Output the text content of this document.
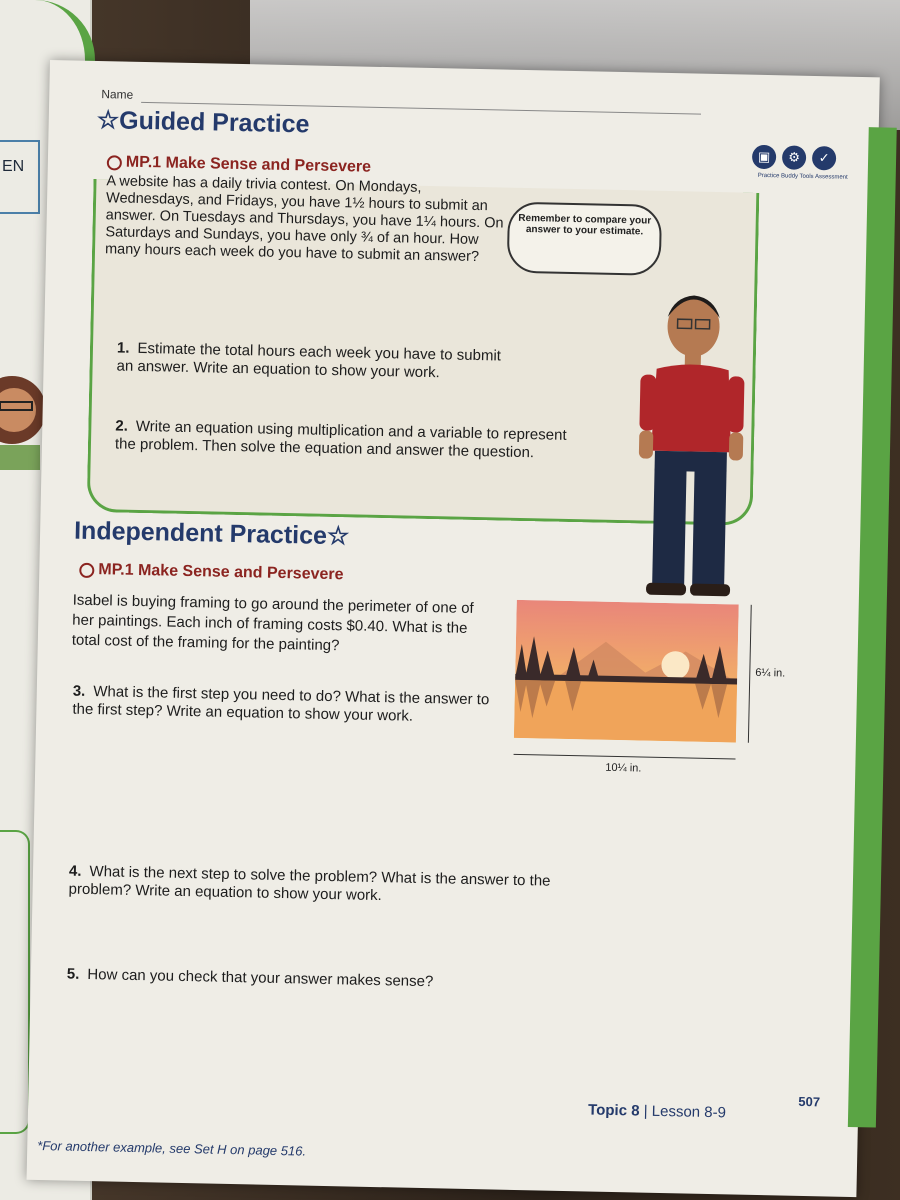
EN
Name
☆Guided Practice
▣	⚙	✓
Practice Buddy Tools Assessment
MP.1 Make Sense and Persevere
A website has a daily trivia contest. On Mondays, Wednesdays, and Fridays, you have 1½ hours to submit an answer. On Tuesdays and Thursdays, you have 1¼ hours. On Saturdays and Sundays, you have only ¾ of an hour. How many hours each week do you have to submit an answer?
Remember to compare your answer to your estimate.
1. Estimate the total hours each week you have to submit an answer. Write an equation to show your work.
2. Write an equation using multiplication and a variable to represent the problem. Then solve the equation and answer the question.
Independent Practice☆
MP.1 Make Sense and Persevere
Isabel is buying framing to go around the perimeter of one of her paintings. Each inch of framing costs $0.40. What is the total cost of the framing for the painting?
10¼ in.
6¼ in.
3. What is the first step you need to do? What is the answer to the first step? Write an equation to show your work.
4. What is the next step to solve the problem? What is the answer to the problem? Write an equation to show your work.
5. How can you check that your answer makes sense?
Topic 8 | Lesson 8-9
507
*For another example, see Set H on page 516.
